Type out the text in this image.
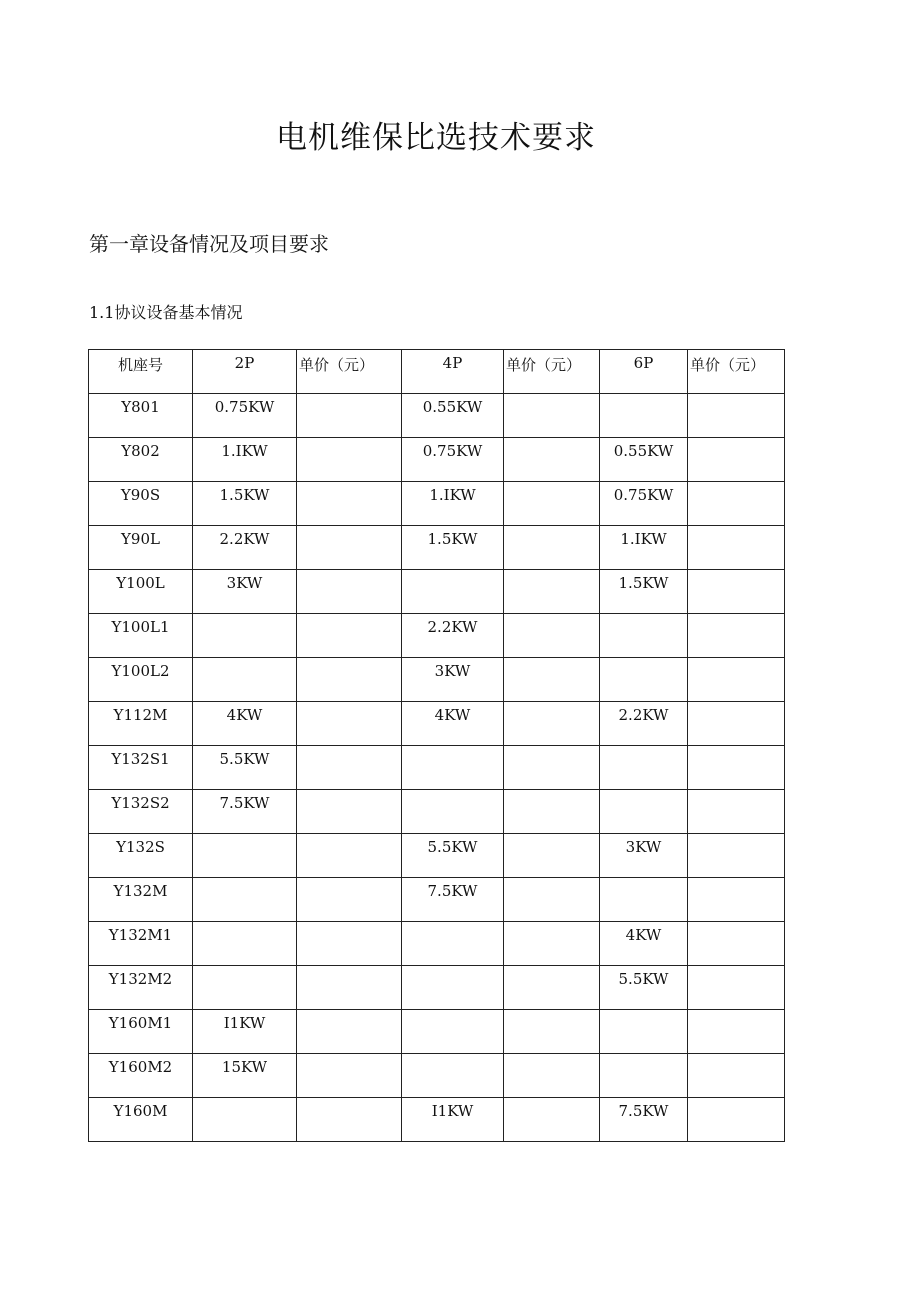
电机维保比选技术要求
第一章设备情况及项目要求
1.1协议设备基本情况
机座号	2P	单价（元）	4P	单价（元）	6P	单价（元）
Y801	0.75KW		0.55KW			
Y802	1.IKW		0.75KW		0.55KW	
Y90S	1.5KW		1.IKW		0.75KW	
Y90L	2.2KW		1.5KW		1.IKW	
Y100L	3KW				1.5KW	
Y100L1			2.2KW			
Y100L2			3KW			
Y112M	4KW		4KW		2.2KW	
Y132S1	5.5KW					
Y132S2	7.5KW					
Y132S			5.5KW		3KW	
Y132M			7.5KW			
Y132M1					4KW	
Y132M2					5.5KW	
Y160M1	I1KW					
Y160M2	15KW					
Y160M			I1KW		7.5KW	
